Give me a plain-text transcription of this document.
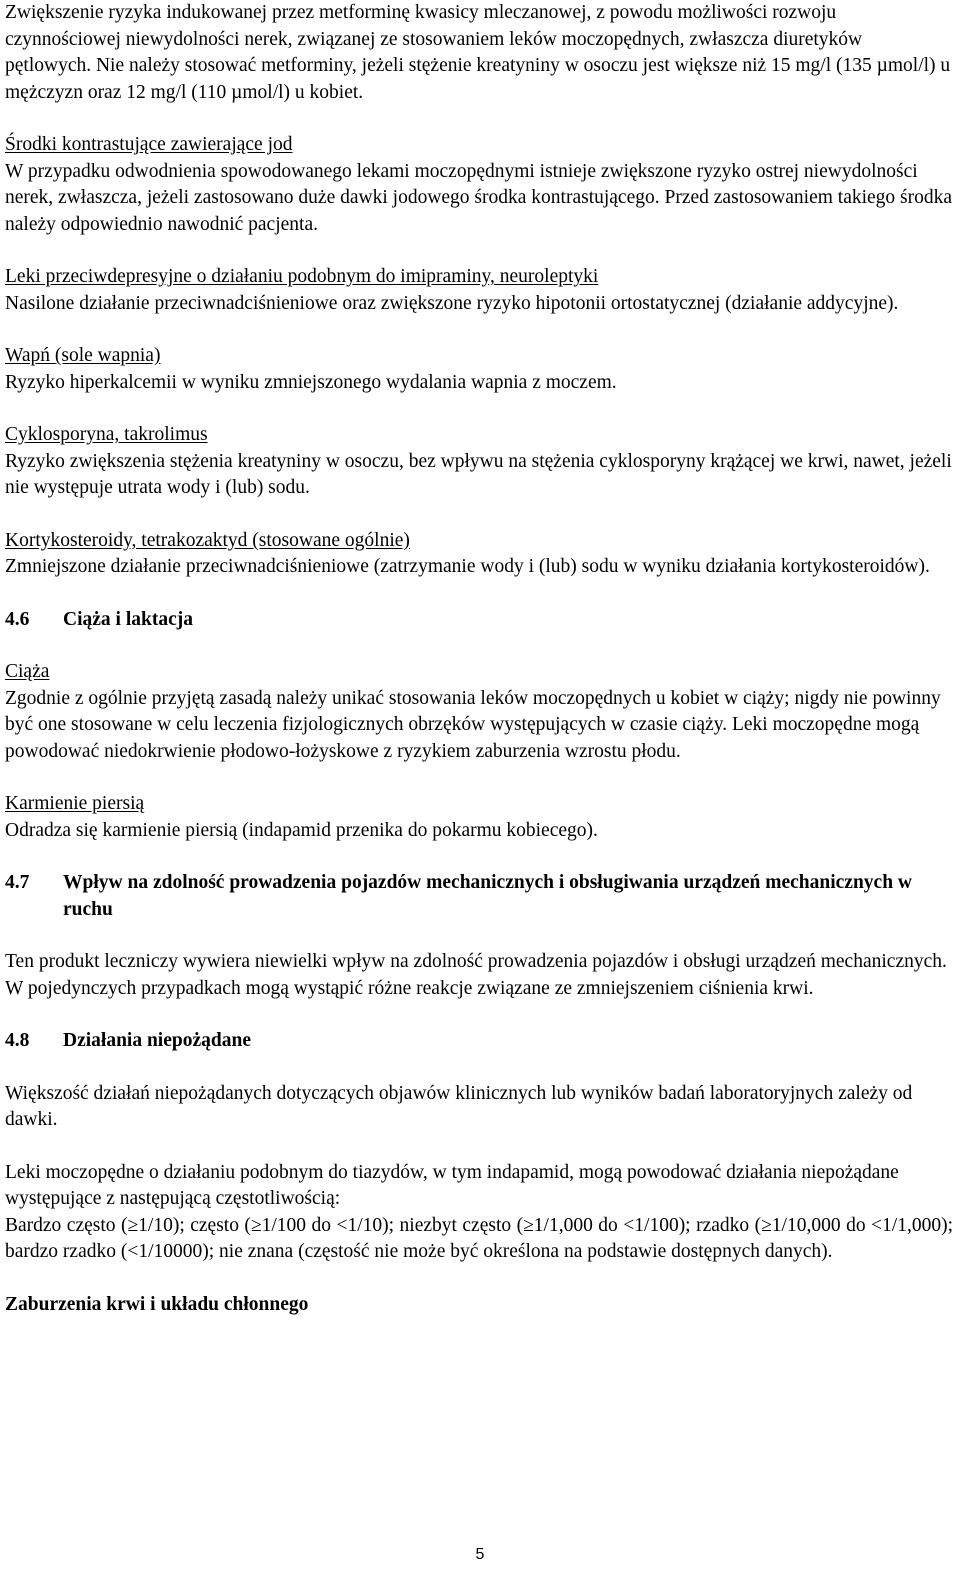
Zwiększenie ryzyka indukowanej przez metforminę kwasicy mleczanowej, z powodu możliwości rozwoju czynnościowej niewydolności nerek, związanej ze stosowaniem leków moczopędnych, zwłaszcza diuretyków pętlowych. Nie należy stosować metforminy, jeżeli stężenie kreatyniny w osoczu jest większe niż 15 mg/l (135 µmol/l) u mężczyzn oraz 12 mg/l (110 µmol/l) u kobiet.

Środki kontrastujące zawierające jod

W przypadku odwodnienia spowodowanego lekami moczopędnymi istnieje zwiększone ryzyko ostrej niewydolności nerek, zwłaszcza, jeżeli zastosowano duże dawki jodowego środka kontrastującego. Przed zastosowaniem takiego środka należy odpowiednio nawodnić pacjenta.

Leki przeciwdepresyjne o działaniu podobnym do imipraminy, neuroleptyki

Nasilone działanie przeciwnadciśnieniowe oraz zwiększone ryzyko hipotonii ortostatycznej (działanie addycyjne).

Wapń (sole wapnia)

Ryzyko hiperkalcemii w wyniku zmniejszonego wydalania wapnia z moczem.

Cyklosporyna, takrolimus

Ryzyko zwiększenia stężenia kreatyniny w osoczu, bez wpływu na stężenia cyklosporyny krążącej we krwi, nawet, jeżeli nie występuje utrata wody i (lub) sodu.

Kortykosteroidy, tetrakozaktyd (stosowane ogólnie)

Zmniejszone działanie przeciwnadciśnieniowe (zatrzymanie wody i (lub) sodu w wyniku działania kortykosteroidów).

4.6	Ciąża i laktacja

Ciąża

Zgodnie z ogólnie przyjętą zasadą należy unikać stosowania leków moczopędnych u kobiet w ciąży; nigdy nie powinny być one stosowane w celu leczenia fizjologicznych obrzęków występujących w czasie ciąży. Leki moczopędne mogą powodować niedokrwienie płodowo-łożyskowe z ryzykiem zaburzenia wzrostu płodu.

Karmienie piersią

Odradza się karmienie piersią (indapamid przenika do pokarmu kobiecego).

4.7	Wpływ na zdolność prowadzenia pojazdów mechanicznych i obsługiwania urządzeń mechanicznych w ruchu

Ten produkt leczniczy wywiera niewielki wpływ na zdolność prowadzenia pojazdów i obsługi urządzeń mechanicznych. W pojedynczych przypadkach mogą wystąpić różne reakcje związane ze zmniejszeniem ciśnienia krwi.

4.8	Działania niepożądane

Większość działań niepożądanych dotyczących objawów klinicznych lub wyników badań laboratoryjnych zależy od dawki.

Leki moczopędne o działaniu podobnym do tiazydów, w tym indapamid, mogą powodować działania niepożądane występujące z następującą częstotliwością:

Bardzo często (≥1/10); często (≥1/100 do <1/10); niezbyt często (≥1/1,000 do <1/100); rzadko (≥1/10,000 do <1/1,000); bardzo rzadko (<1/10000); nie znana (częstość nie może być określona na podstawie dostępnych danych).

Zaburzenia krwi i układu chłonnego

5
